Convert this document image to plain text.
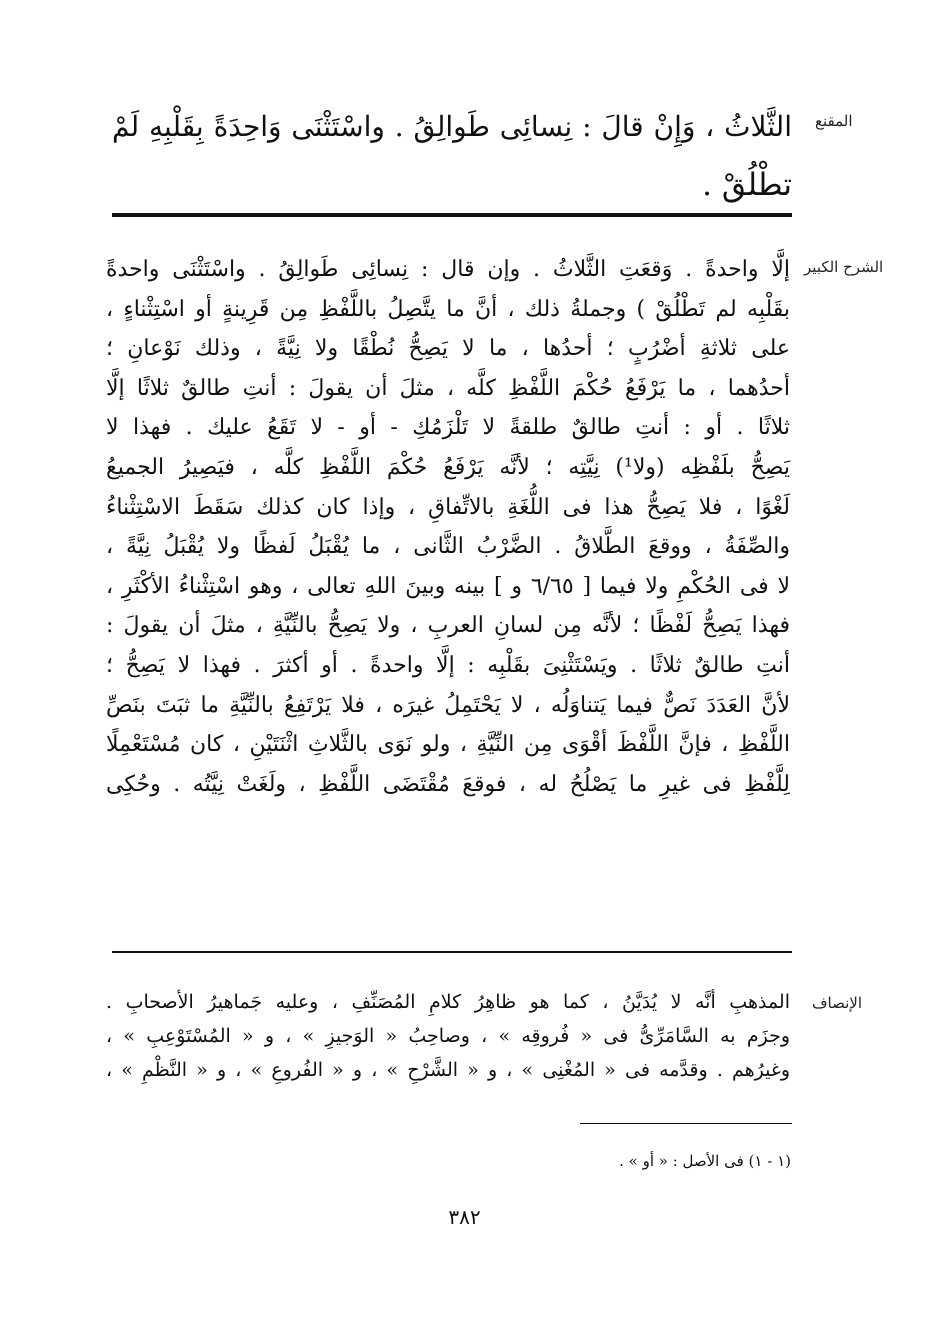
المقنع
الثَّلاثُ ، وَإِنْ قالَ : نِسائِى طَوالِقُ . واسْتَثْنَى وَاحِدَةً بِقَلْبِهِ لَمْ
تطْلُقْ .
الشرح الكبير
إلَّا واحدةً . وَقعَتِ الثَّلاثُ . وإن قال : نِسائِى طَوالِقُ . واسْتَثْنَى واحدةً
بقَلْبِه لم تَطْلُقْ ) وجملةُ ذلك ، أنَّ ما يتَّصِلُ باللَّفْظِ مِن قَرِينةٍ أو اسْتِثْناءٍ ،
على ثلاثةِ أضْرُبٍ ؛ أحدُها ، ما لا يَصِحُّ نُطْقًا ولا نِيَّةً ، وذلك نَوْعانِ ؛
أحدُهما ، ما يَرْفَعُ حُكْمَ اللَّفْظِ كلَّه ، مثلَ أن يقولَ : أنتِ طالقٌ ثلاثًا إلَّا
ثلاثًا . أو : أنتِ طالقٌ طلقةً لا تَلْزَمُكِ - أو - لا تَقَعُ عليك . فهذا لا
يَصِحُّ بلَفْظِه (ولا¹) نِيَّتِه ؛ لأنَّه يَرْفَعُ حُكْمَ اللَّفْظِ كلَّه ، فيَصِيرُ الجميعُ
لَغْوًا ، فلا يَصِحُّ هذا فى اللُّغَةِ بالاتِّفاقِ ، وإذا كان كذلك سَقَطَ الاسْتِثْناءُ
والصِّفَةُ ، ووقعَ الطَّلاقُ . الضَّرْبُ الثَّانى ، ما يُقْبَلُ لَفظًا ولا يُقْبَلُ نِيَّةً ،
لا فى الحُكْمِ ولا فيما [ ٦/٦٥ و ] بينه وبينَ اللهِ تعالى ، وهو اسْتِثْناءُ الأكْثَرِ ،
فهذا يَصِحُّ لَفْظًا ؛ لأنَّه مِن لسانِ العربِ ، ولا يَصِحُّ بالنِّيَّةِ ، مثلَ أن يقولَ :
أنتِ طالقٌ ثلاثًا . ويَسْتَثْنِىَ بقَلْبِه : إلَّا واحدةً . أو أكثرَ . فهذا لا يَصِحُّ ؛
لأنَّ العَدَدَ نَصٌّ فيما يَتناوَلُه ، لا يَحْتَمِلُ غيرَه ، فلا يَرْتَفِعُ بالنِّيَّةِ ما ثبَتَ بنَصِّ
اللَّفْظِ ، فإنَّ اللَّفْظَ أقْوَى مِن النِّيَّةِ ، ولو نَوَى بالثَّلاثِ اثْنَتَيْنِ ، كان مُسْتَعْمِلًا
لِلَّفْظِ فى غيرِ ما يَصْلُحُ له ، فوقعَ مُقْتَضَى اللَّفْظِ ، ولَغَتْ نِيَّتُه . وحُكِى
الإنصاف
المذهبِ أنَّه لا يُدَيَّنُ ، كما هو ظاهِرُ كلامِ المُصَنِّفِ ، وعليه جَماهيرُ الأصحابِ .
وجزَم به السَّامَرِّىُّ فى « فُروقِه » ، وصاحِبُ « الوَجيزِ » ، و « المُسْتَوْعِبِ » ،
وغيرُهم . وقدَّمه فى « المُغْنِى » ، و « الشَّرْحِ » ، و « الفُروعِ » ، و « النَّظْمِ » ،
(١ - ١) فى الأصل : « أو » .
٣٨٢
